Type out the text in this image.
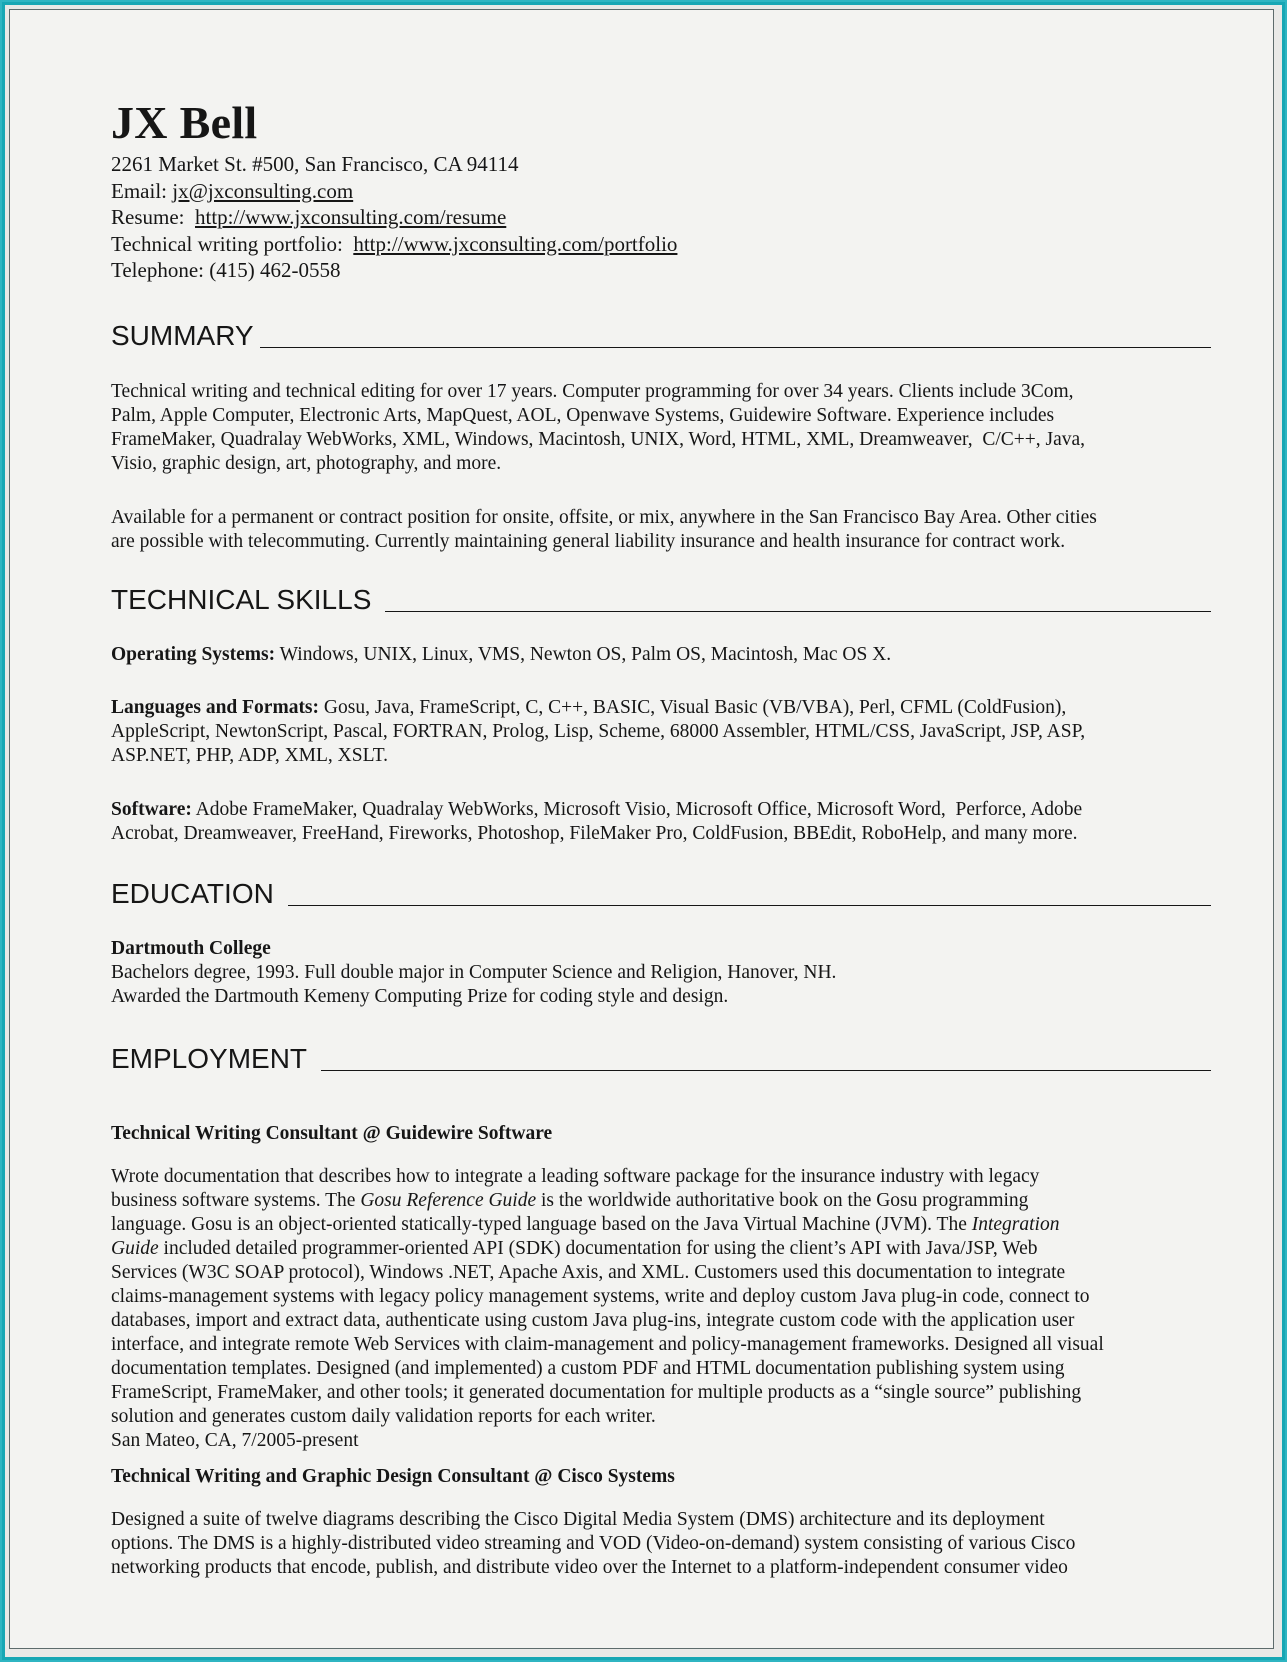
JX Bell
2261 Market St. #500, San Francisco, CA 94114
Email: jx@jxconsulting.com
Resume:  http://www.jxconsulting.com/resume
Technical writing portfolio:  http://www.jxconsulting.com/portfolio
Telephone: (415) 462-0558
SUMMARY

Technical writing and technical editing for over 17 years. Computer programming for over 34 years. Clients include 3Com,

Palm, Apple Computer, Electronic Arts, MapQuest, AOL, Openwave Systems, Guidewire Software. Experience includes

FrameMaker, Quadralay WebWorks, XML, Windows, Macintosh, UNIX, Word, HTML, XML, Dreamweaver,  C/C++, Java,

Visio, graphic design, art, photography, and more.

Available for a permanent or contract position for onsite, offsite, or mix, anywhere in the San Francisco Bay Area. Other cities

are possible with telecommuting. Currently maintaining general liability insurance and health insurance for contract work.

TECHNICAL SKILLS

Operating Systems: Windows, UNIX, Linux, VMS, Newton OS, Palm OS, Macintosh, Mac OS X.

Languages and Formats: Gosu, Java, FrameScript, C, C++, BASIC, Visual Basic (VB/VBA), Perl, CFML (ColdFusion),

AppleScript, NewtonScript, Pascal, FORTRAN, Prolog, Lisp, Scheme, 68000 Assembler, HTML/CSS, JavaScript, JSP, ASP,

ASP.NET, PHP, ADP, XML, XSLT.

Software: Adobe FrameMaker, Quadralay WebWorks, Microsoft Visio, Microsoft Office, Microsoft Word,  Perforce, Adobe

Acrobat, Dreamweaver, FreeHand, Fireworks, Photoshop, FileMaker Pro, ColdFusion, BBEdit, RoboHelp, and many more.

EDUCATION

Dartmouth College

Bachelors degree, 1993. Full double major in Computer Science and Religion, Hanover, NH.

Awarded the Dartmouth Kemeny Computing Prize for coding style and design.

EMPLOYMENT

Technical Writing Consultant @ Guidewire Software

Wrote documentation that describes how to integrate a leading software package for the insurance industry with legacy

business software systems. The Gosu Reference Guide is the worldwide authoritative book on the Gosu programming

language. Gosu is an object-oriented statically-typed language based on the Java Virtual Machine (JVM). The Integration

Guide included detailed programmer-oriented API (SDK) documentation for using the client’s API with Java/JSP, Web

Services (W3C SOAP protocol), Windows .NET, Apache Axis, and XML. Customers used this documentation to integrate

claims-management systems with legacy policy management systems, write and deploy custom Java plug-in code, connect to

databases, import and extract data, authenticate using custom Java plug-ins, integrate custom code with the application user

interface, and integrate remote Web Services with claim-management and policy-management frameworks. Designed all visual

documentation templates. Designed (and implemented) a custom PDF and HTML documentation publishing system using

FrameScript, FrameMaker, and other tools; it generated documentation for multiple products as a “single source” publishing

solution and generates custom daily validation reports for each writer.

San Mateo, CA, 7/2005-present

Technical Writing and Graphic Design Consultant @ Cisco Systems

Designed a suite of twelve diagrams describing the Cisco Digital Media System (DMS) architecture and its deployment

options. The DMS is a highly-distributed video streaming and VOD (Video-on-demand) system consisting of various Cisco

networking products that encode, publish, and distribute video over the Internet to a platform-independent consumer video
